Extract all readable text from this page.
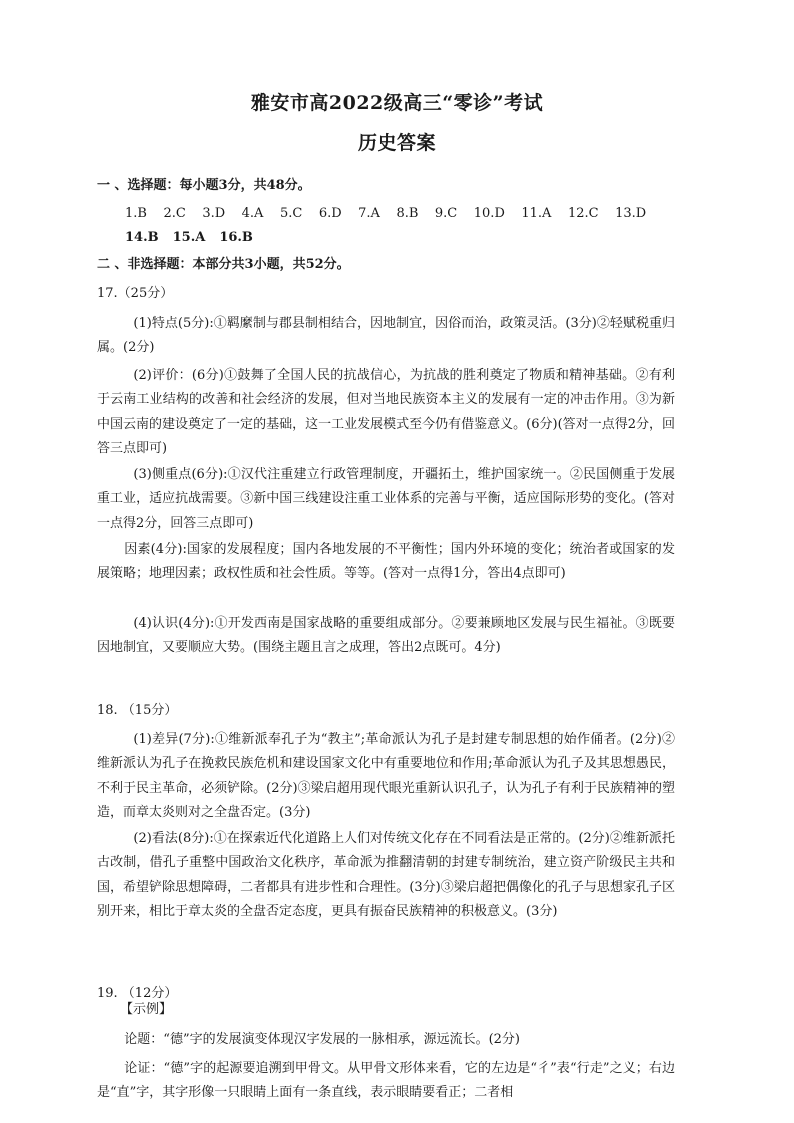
雅安市高2022级高三“零诊”考试
历史答案
一 、选择题：每小题3分，共48分。
1.B 2.C 3.D 4.A 5.C 6.D 7.A 8.B 9.C 10.D 11.A 12.C 13.D
14.B 15.A 16.B
二 、非选择题：本部分共3小题，共52分。
17.（25分）
(1)特点(5分):①羁縻制与郡县制相结合，因地制宜，因俗而治，政策灵活。(3分)②轻赋税重归属。(2分)
(2)评价：(6分)①鼓舞了全国人民的抗战信心，为抗战的胜利奠定了物质和精神基础。②有利于云南工业结构的改善和社会经济的发展，但对当地民族资本主义的发展有一定的冲击作用。③为新中国云南的建设奠定了一定的基础，这一工业发展模式至今仍有借鉴意义。(6分)(答对一点得2分，回答三点即可)
(3)侧重点(6分):①汉代注重建立行政管理制度，开疆拓土，维护国家统一。②民国侧重于发展重工业，适应抗战需要。③新中国三线建设注重工业体系的完善与平衡，适应国际形势的变化。(答对一点得2分，回答三点即可)
因素(4分):国家的发展程度；国内各地发展的不平衡性；国内外环境的变化；统治者或国家的发展策略；地理因素；政权性质和社会性质。等等。(答对一点得1分，答出4点即可)
(4)认识(4分):①开发西南是国家战略的重要组成部分。②要兼顾地区发展与民生福祉。③既要因地制宜，又要顺应大势。(围绕主题且言之成理，答出2点既可。4分)
18. （15分）
(1)差异(7分):①维新派奉孔子为“教主”;革命派认为孔子是封建专制思想的始作俑者。(2分)②维新派认为孔子在挽救民族危机和建设国家文化中有重要地位和作用;革命派认为孔子及其思想愚民，不利于民主革命，必须铲除。(2分)③梁启超用现代眼光重新认识孔子，认为孔子有利于民族精神的塑造，而章太炎则对之全盘否定。(3分)
(2)看法(8分):①在探索近代化道路上人们对传统文化存在不同看法是正常的。(2分)②维新派托古改制，借孔子重整中国政治文化秩序，革命派为推翻清朝的封建专制统治，建立资产阶级民主共和国，希望铲除思想障碍，二者都具有进步性和合理性。(3分)③梁启超把偶像化的孔子与思想家孔子区别开来，相比于章太炎的全盘否定态度，更具有振奋民族精神的积极意义。(3分)
19. （12分）
【示例】
论题：“德”字的发展演变体现汉字发展的一脉相承，源远流长。(2分)
论证：“德”字的起源要追溯到甲骨文。从甲骨文形体来看，它的左边是“彳”表“行走”之义；右边是“直”字，其字形像一只眼睛上面有一条直线，表示眼睛要看正；二者相
